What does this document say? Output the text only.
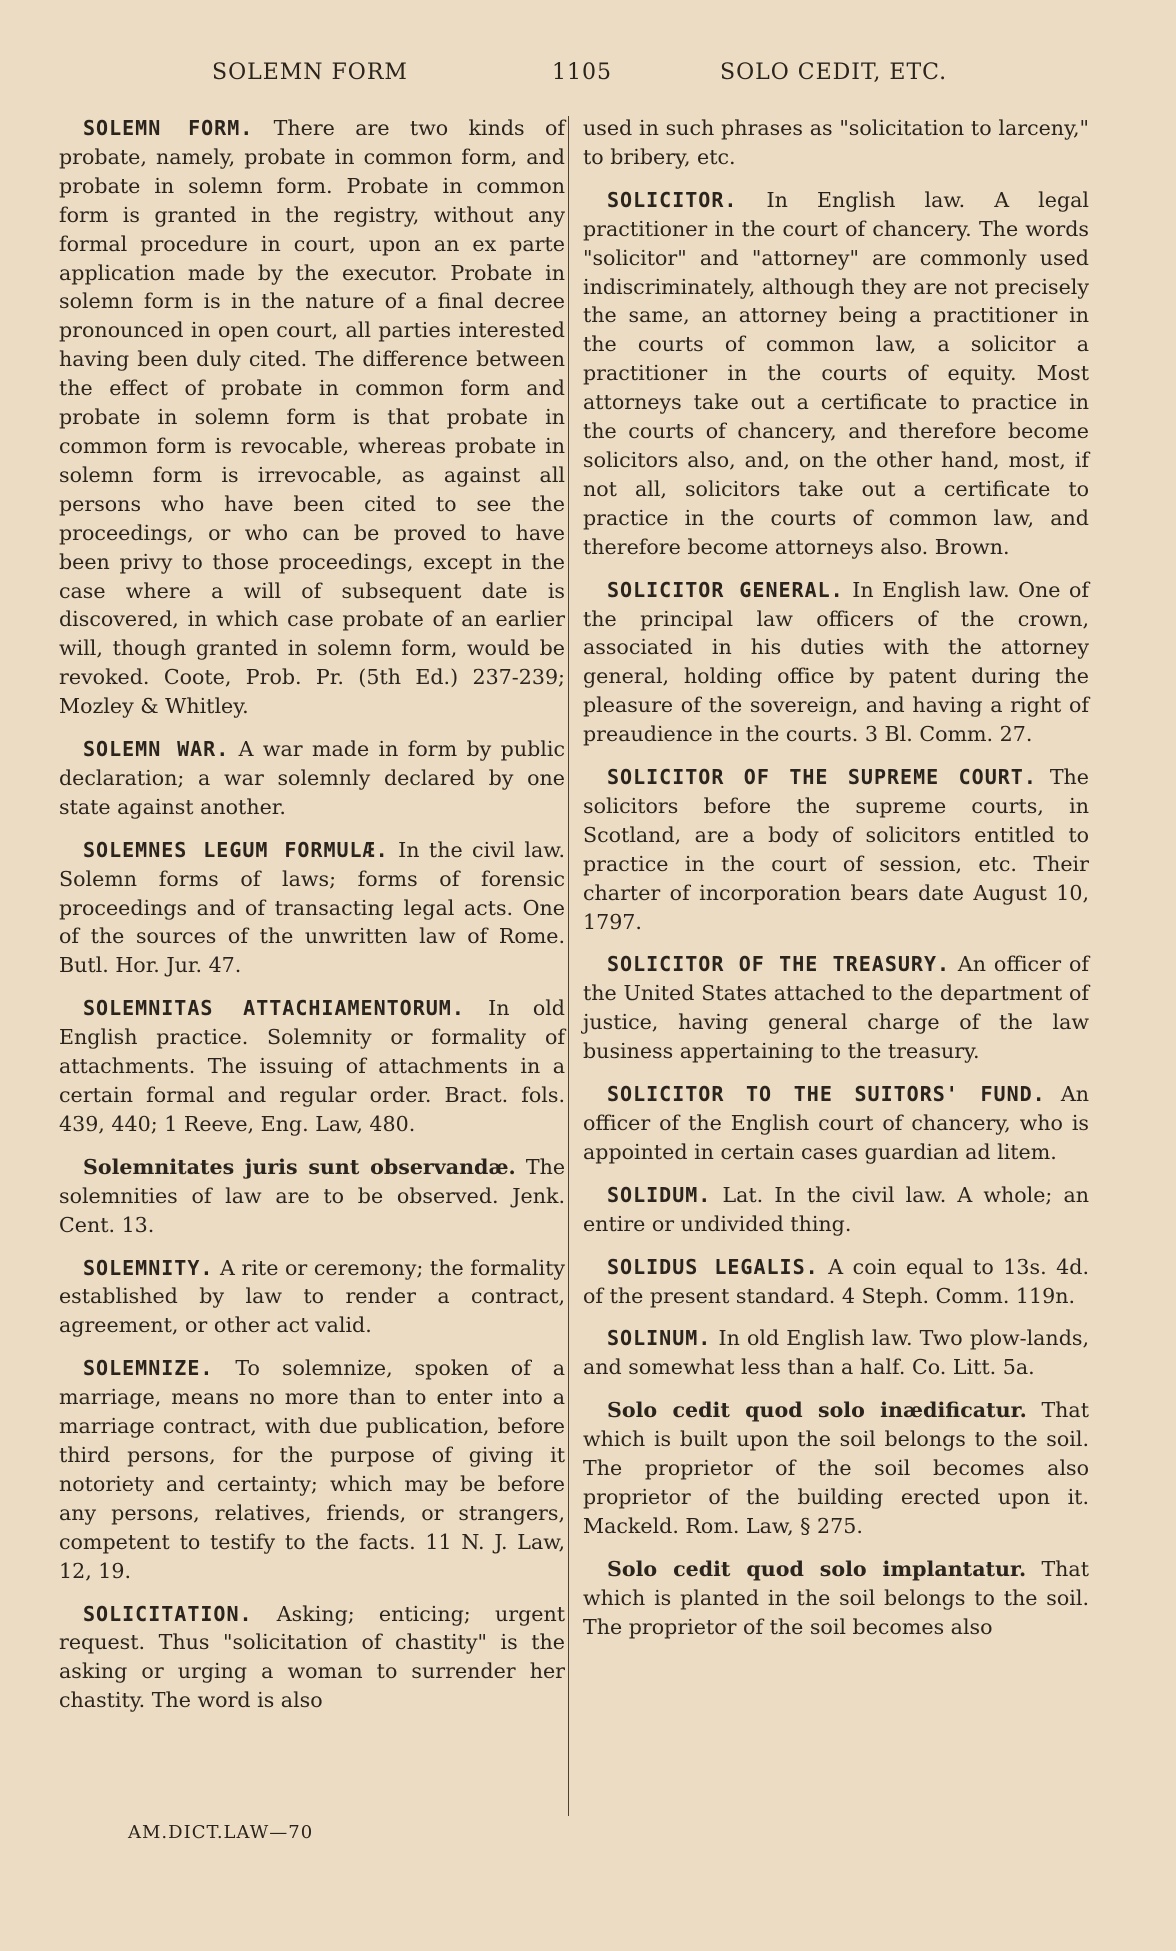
SOLEMN FORM	1105	SOLO CEDIT, ETC.

SOLEMN FORM. There are two kinds of probate, namely, probate in common form, and probate in solemn form. Probate in common form is granted in the registry, without any formal procedure in court, upon an ex parte application made by the executor. Probate in solemn form is in the nature of a final decree pronounced in open court, all parties interested having been duly cited. The difference between the effect of probate in common form and probate in solemn form is that probate in common form is revocable, whereas probate in solemn form is irrevocable, as against all persons who have been cited to see the proceedings, or who can be proved to have been privy to those proceedings, except in the case where a will of subsequent date is discovered, in which case probate of an earlier will, though granted in solemn form, would be revoked. Coote, Prob. Pr. (5th Ed.) 237-239; Mozley & Whitley.

SOLEMN WAR. A war made in form by public declaration; a war solemnly declared by one state against another.

SOLEMNES LEGUM FORMULÆ. In the civil law. Solemn forms of laws; forms of forensic proceedings and of transacting legal acts. One of the sources of the unwritten law of Rome. Butl. Hor. Jur. 47.

SOLEMNITAS ATTACHIAMENTORUM. In old English practice. Solemnity or formality of attachments. The issuing of attachments in a certain formal and regular order. Bract. fols. 439, 440; 1 Reeve, Eng. Law, 480.

Solemnitates juris sunt observandæ. The solemnities of law are to be observed. Jenk. Cent. 13.

SOLEMNITY. A rite or ceremony; the formality established by law to render a contract, agreement, or other act valid.

SOLEMNIZE. To solemnize, spoken of a marriage, means no more than to enter into a marriage contract, with due publication, before third persons, for the purpose of giving it notoriety and certainty; which may be before any persons, relatives, friends, or strangers, competent to testify to the facts. 11 N. J. Law, 12, 19.

SOLICITATION. Asking; enticing; urgent request. Thus "solicitation of chastity" is the asking or urging a woman to surrender her chastity. The word is also

used in such phrases as "solicitation to larceny," to bribery, etc.

SOLICITOR. In English law. A legal practitioner in the court of chancery. The words "solicitor" and "attorney" are commonly used indiscriminately, although they are not precisely the same, an attorney being a practitioner in the courts of common law, a solicitor a practitioner in the courts of equity. Most attorneys take out a certificate to practice in the courts of chancery, and therefore become solicitors also, and, on the other hand, most, if not all, solicitors take out a certificate to practice in the courts of common law, and therefore become attorneys also. Brown.

SOLICITOR GENERAL. In English law. One of the principal law officers of the crown, associated in his duties with the attorney general, holding office by patent during the pleasure of the sovereign, and having a right of preaudience in the courts. 3 Bl. Comm. 27.

SOLICITOR OF THE SUPREME COURT. The solicitors before the supreme courts, in Scotland, are a body of solicitors entitled to practice in the court of session, etc. Their charter of incorporation bears date August 10, 1797.

SOLICITOR OF THE TREASURY. An officer of the United States attached to the department of justice, having general charge of the law business appertaining to the treasury.

SOLICITOR TO THE SUITORS' FUND. An officer of the English court of chancery, who is appointed in certain cases guardian ad litem.

SOLIDUM. Lat. In the civil law. A whole; an entire or undivided thing.

SOLIDUS LEGALIS. A coin equal to 13s. 4d. of the present standard. 4 Steph. Comm. 119n.

SOLINUM. In old English law. Two plow-lands, and somewhat less than a half. Co. Litt. 5a.

Solo cedit quod solo inædificatur. That which is built upon the soil belongs to the soil. The proprietor of the soil becomes also proprietor of the building erected upon it. Mackeld. Rom. Law, § 275.

Solo cedit quod solo implantatur. That which is planted in the soil belongs to the soil. The proprietor of the soil becomes also

AM.DICT.LAW—70
